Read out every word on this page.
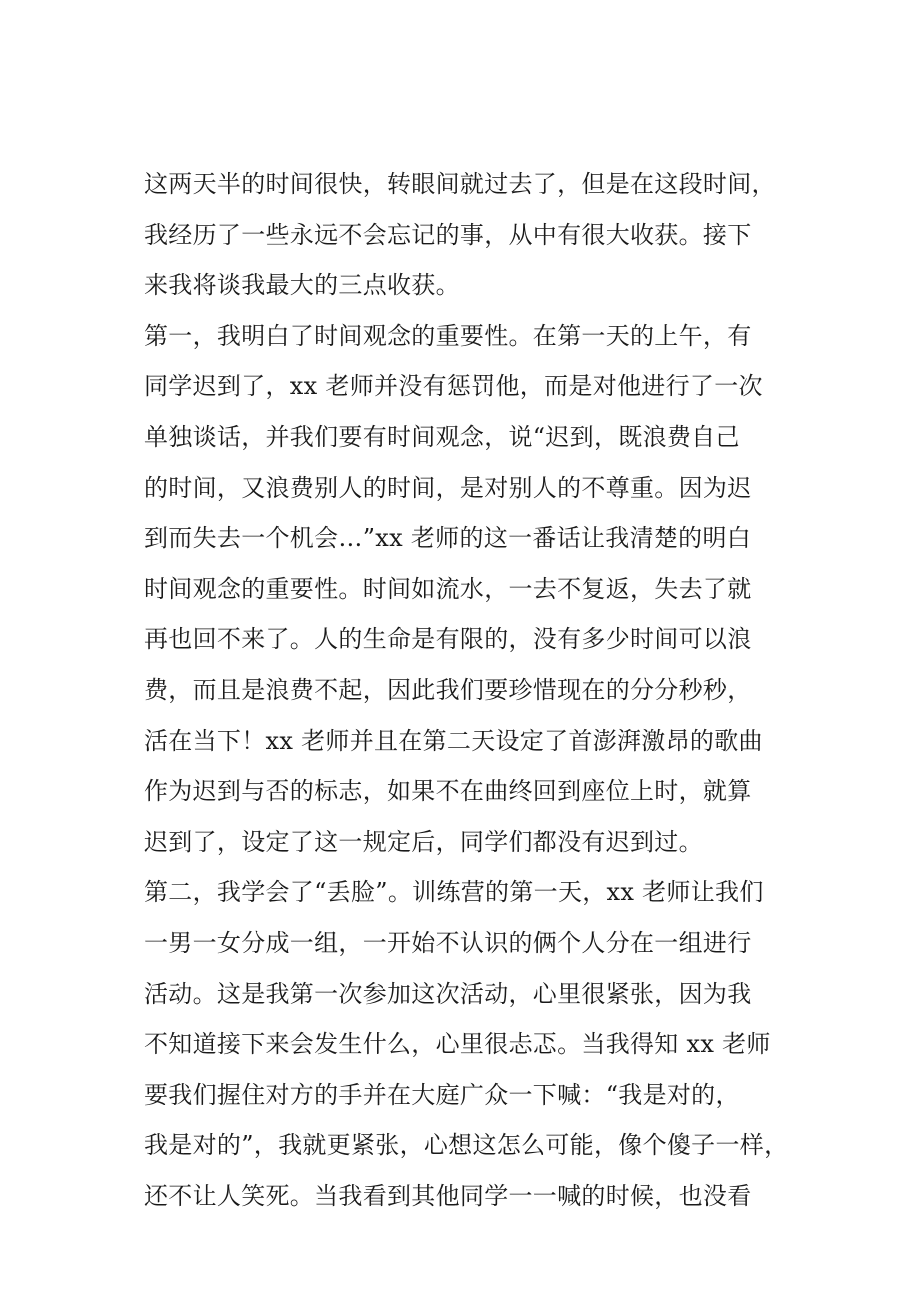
这两天半的时间很快，转眼间就过去了，但是在这段时间，
我经历了一些永远不会忘记的事，从中有很大收获。接下
来我将谈我最大的三点收获。
第一，我明白了时间观念的重要性。在第一天的上午，有
同学迟到了，xx 老师并没有惩罚他，而是对他进行了一次
单独谈话，并我们要有时间观念，说“迟到，既浪费自己
的时间，又浪费别人的时间，是对别人的不尊重。因为迟
到而失去一个机会…”xx 老师的这一番话让我清楚的明白
时间观念的重要性。时间如流水，一去不复返，失去了就
再也回不来了。人的生命是有限的，没有多少时间可以浪
费，而且是浪费不起，因此我们要珍惜现在的分分秒秒，
活在当下！xx 老师并且在第二天设定了首澎湃激昂的歌曲
作为迟到与否的标志，如果不在曲终回到座位上时，就算
迟到了，设定了这一规定后，同学们都没有迟到过。
第二，我学会了“丢脸”。训练营的第一天，xx 老师让我们
一男一女分成一组，一开始不认识的俩个人分在一组进行
活动。这是我第一次参加这次活动，心里很紧张，因为我
不知道接下来会发生什么，心里很忐忑。当我得知 xx 老师
要我们握住对方的手并在大庭广众一下喊：“我是对的，
我是对的”，我就更紧张，心想这怎么可能，像个傻子一样，
还不让人笑死。当我看到其他同学一一喊的时候，也没看
